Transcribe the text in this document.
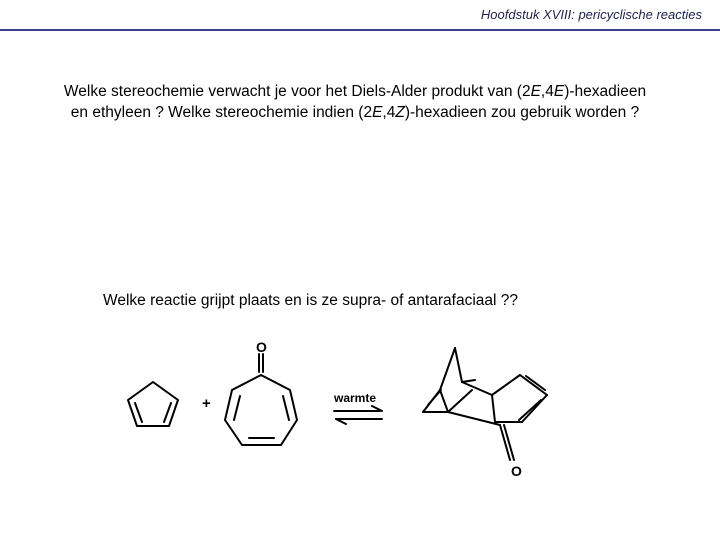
Hoofdstuk XVIII: pericyclische reacties
Welke stereochemie verwacht je voor het Diels-Alder produkt van (2E,4E)-hexadieen en ethyleen ? Welke stereochemie indien (2E,4Z)-hexadieen zou gebruik worden ?
Welke reactie grijpt plaats en is ze supra- of antarafaciaal ??
+
O
warmte
O
